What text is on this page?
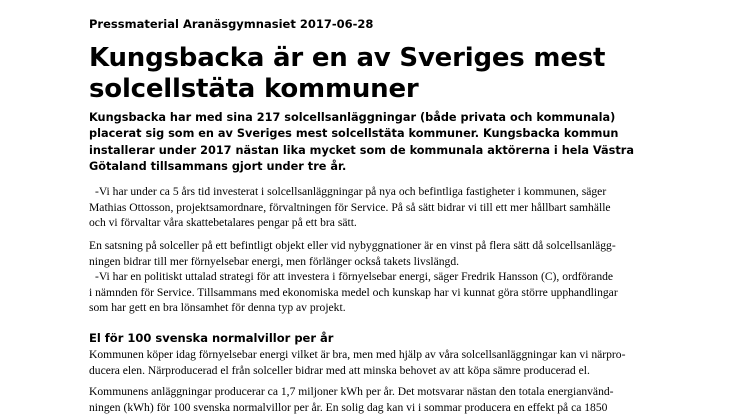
Pressmaterial Aranäsgymnasiet 2017-06-28
Kungsbacka är en av Sveriges mest
solcellstäta kommuner
Kungsbacka har med sina 217 solcellsanläggningar (både privata och kommunala)
placerat sig som en av Sveriges mest solcellstäta kommuner. Kungsbacka kommun
installerar under 2017 nästan lika mycket som de kommunala aktörerna i hela Västra
Götaland tillsammans gjort under tre år.
-Vi har under ca 5 års tid investerat i solcellsanläggningar på nya och befintliga fastigheter i kommunen, säger
Mathias Ottosson, projektsamordnare, förvaltningen för Service. På så sätt bidrar vi till ett mer hållbart samhälle
och vi förvaltar våra skattebetalares pengar på ett bra sätt.
En satsning på solceller på ett befintligt objekt eller vid nybyggnationer är en vinst på flera sätt då solcellsanlägg-
ningen bidrar till mer förnyelsebar energi, men förlänger också takets livslängd.
-Vi har en politiskt uttalad strategi för att investera i förnyelsebar energi, säger Fredrik Hansson (C), ordförande
i nämnden för Service. Tillsammans med ekonomiska medel och kunskap har vi kunnat göra större upphandlingar
som har gett en bra lönsamhet för denna typ av projekt.
El för 100 svenska normalvillor per år
Kommunen köper idag förnyelsebar energi vilket är bra, men med hjälp av våra solcellsanläggningar kan vi närpro-
ducera elen. Närproducerad el från solceller bidrar med att minska behovet av att köpa sämre producerad el.
Kommunens anläggningar producerar ca 1,7 miljoner kWh per år. Det motsvarar nästan den totala energianvänd-
ningen (kWh) för 100 svenska normalvillor per år. En solig dag kan vi i sommar producera en effekt på ca 1850
